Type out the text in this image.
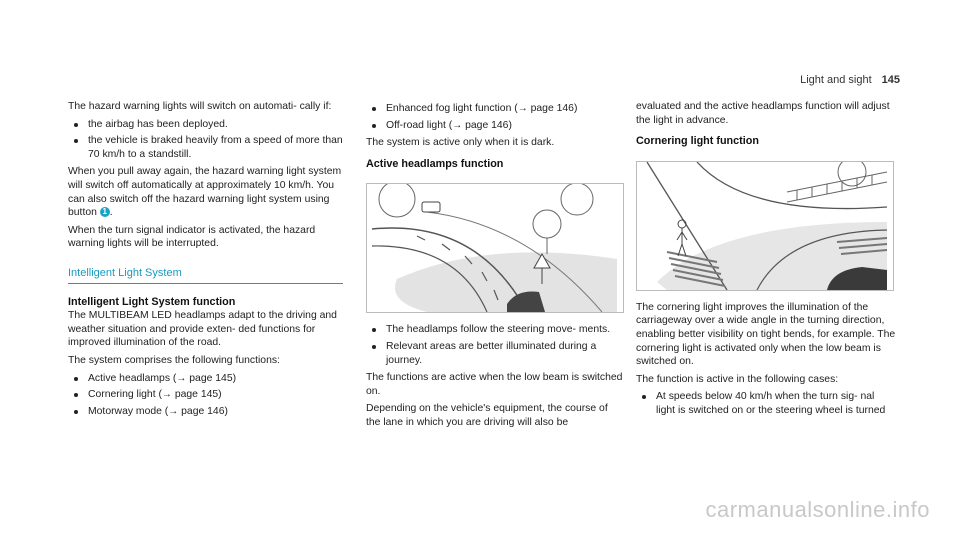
Light and sight 145

The hazard warning lights will switch on automati- cally if:

the airbag has been deployed.
the vehicle is braked heavily from a speed of more than 70 km/h to a standstill.

When you pull away again, the hazard warning light system will switch off automatically at approximately 10 km/h. You can also switch off the hazard warning light system using button 1 .

When the turn signal indicator is activated, the hazard warning lights will be interrupted.

Intelligent Light System
Intelligent Light System function

The MULTIBEAM LED headlamps adapt to the driving and weather situation and provide exten- ded functions for improved illumination of the road.

The system comprises the following functions:

Active headlamps (→ page 145)
Cornering light (→ page 145)
Motorway mode (→ page 146)
Enhanced fog light function (→ page 146)
Off-road light (→ page 146)

The system is active only when it is dark.

Active headlamps function
The headlamps follow the steering move- ments.
Relevant areas are better illuminated during a journey.

The functions are active when the low beam is switched on.

Depending on the vehicle's equipment, the course of the lane in which you are driving will also be

evaluated and the active headlamps function will adjust the light in advance.

Cornering light function

The cornering light improves the illumination of the carriageway over a wide angle in the turning direction, enabling better visibility on tight bends, for example. The cornering light is activated only when the low beam is switched on.

The function is active in the following cases:

At speeds below 40 km/h when the turn sig- nal light is switched on or the steering wheel is turned
carmanualsonline.info
